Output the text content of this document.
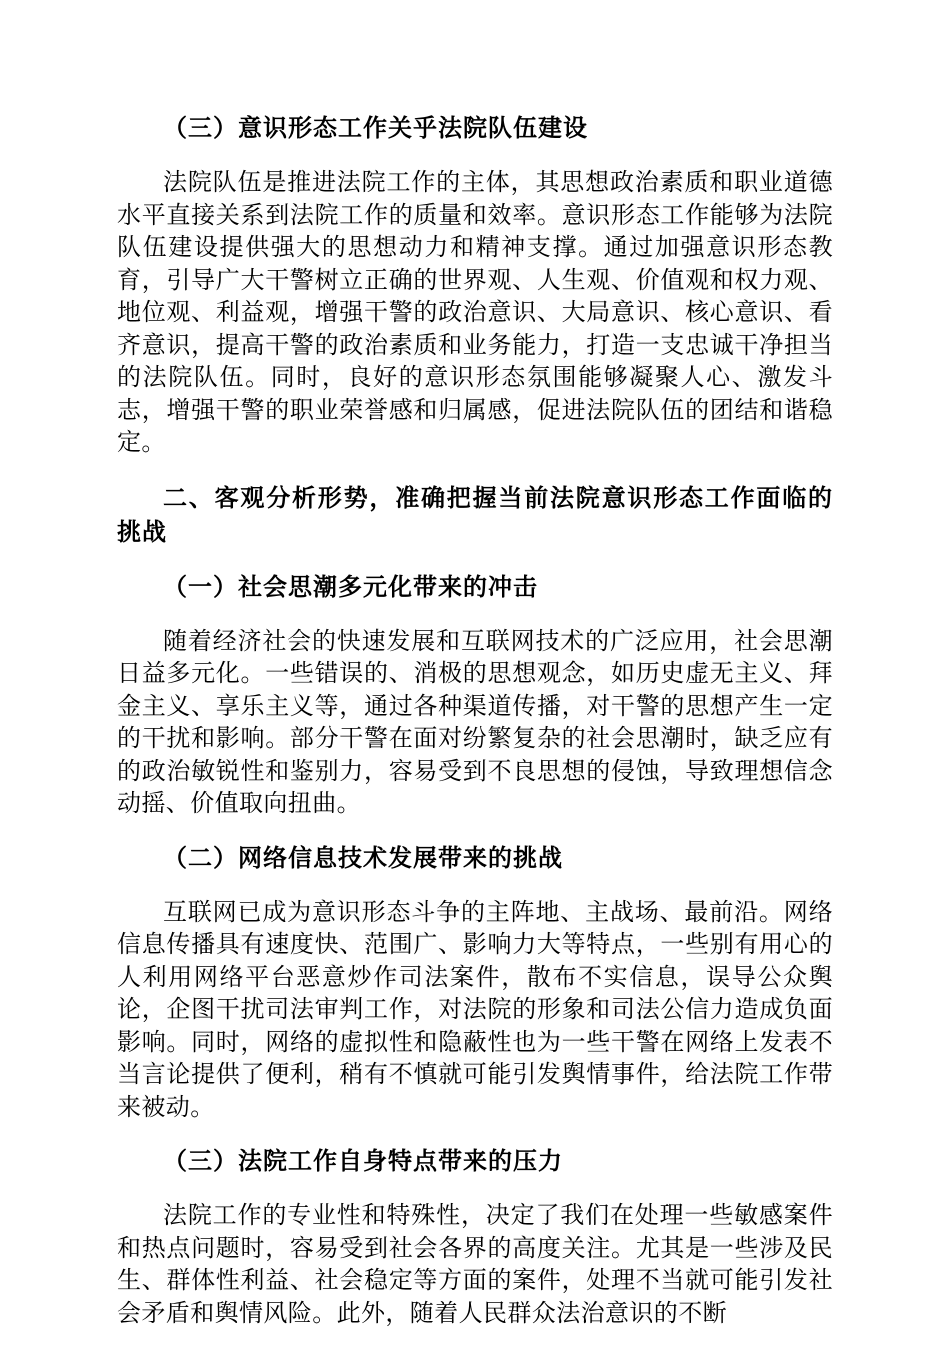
（三）意识形态工作关乎法院队伍建设

法院队伍是推进法院工作的主体，其思想政治素质和职业道德水平直接关系到法院工作的质量和效率。意识形态工作能够为法院队伍建设提供强大的思想动力和精神支撑。通过加强意识形态教育，引导广大干警树立正确的世界观、人生观、价值观和权力观、地位观、利益观，增强干警的政治意识、大局意识、核心意识、看齐意识，提高干警的政治素质和业务能力，打造一支忠诚干净担当的法院队伍。同时，良好的意识形态氛围能够凝聚人心、激发斗志，增强干警的职业荣誉感和归属感，促进法院队伍的团结和谐稳定。

二、客观分析形势，准确把握当前法院意识形态工作面临的挑战
（一）社会思潮多元化带来的冲击

随着经济社会的快速发展和互联网技术的广泛应用，社会思潮日益多元化。一些错误的、消极的思想观念，如历史虚无主义、拜金主义、享乐主义等，通过各种渠道传播，对干警的思想产生一定的干扰和影响。部分干警在面对纷繁复杂的社会思潮时，缺乏应有的政治敏锐性和鉴别力，容易受到不良思想的侵蚀，导致理想信念动摇、价值取向扭曲。

（二）网络信息技术发展带来的挑战

互联网已成为意识形态斗争的主阵地、主战场、最前沿。网络信息传播具有速度快、范围广、影响力大等特点，一些别有用心的人利用网络平台恶意炒作司法案件，散布不实信息，误导公众舆论，企图干扰司法审判工作，对法院的形象和司法公信力造成负面影响。同时，网络的虚拟性和隐蔽性也为一些干警在网络上发表不当言论提供了便利，稍有不慎就可能引发舆情事件，给法院工作带来被动。

（三）法院工作自身特点带来的压力

法院工作的专业性和特殊性，决定了我们在处理一些敏感案件和热点问题时，容易受到社会各界的高度关注。尤其是一些涉及民生、群体性利益、社会稳定等方面的案件，处理不当就可能引发社会矛盾和舆情风险。此外，随着人民群众法治意识的不断
